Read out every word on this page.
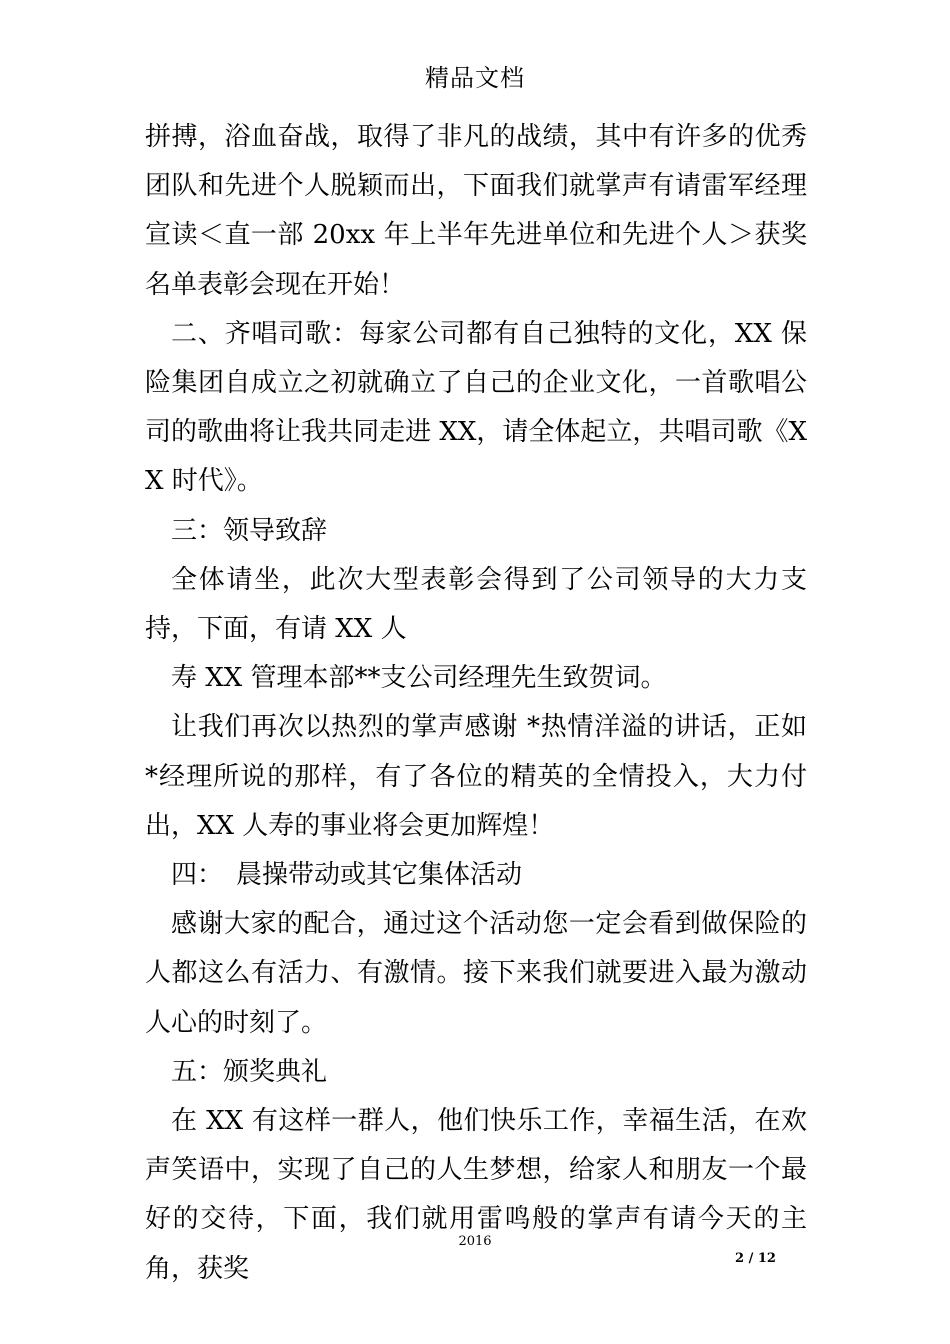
精品文档

拼搏，浴血奋战，取得了非凡的战绩，其中有许多的优秀团队和先进个人脱颖而出，下面我们就掌声有请雷军经理宣读＜直一部 20xx 年上半年先进单位和先进个人＞获奖名单表彰会现在开始！

二、齐唱司歌：每家公司都有自己独特的文化，XX 保险集团自成立之初就确立了自己的企业文化，一首歌唱公司的歌曲将让我共同走进 XX，请全体起立，共唱司歌《XX 时代》。

三：领导致辞

全体请坐，此次大型表彰会得到了公司领导的大力支持，下面，有请 XX 人

寿 XX 管理本部**支公司经理先生致贺词。

让我们再次以热烈的掌声感谢 *热情洋溢的讲话，正如 *经理所说的那样，有了各位的精英的全情投入，大力付出，XX 人寿的事业将会更加辉煌！

四：　晨操带动或其它集体活动

感谢大家的配合，通过这个活动您一定会看到做保险的人都这么有活力、有激情。接下来我们就要进入最为激动人心的时刻了。

五：颁奖典礼

在 XX 有这样一群人，他们快乐工作，幸福生活，在欢声笑语中，实现了自己的人生梦想，给家人和朋友一个最好的交待，下面，我们就用雷鸣般的掌声有请今天的主角，获奖

2016
2 / 12
